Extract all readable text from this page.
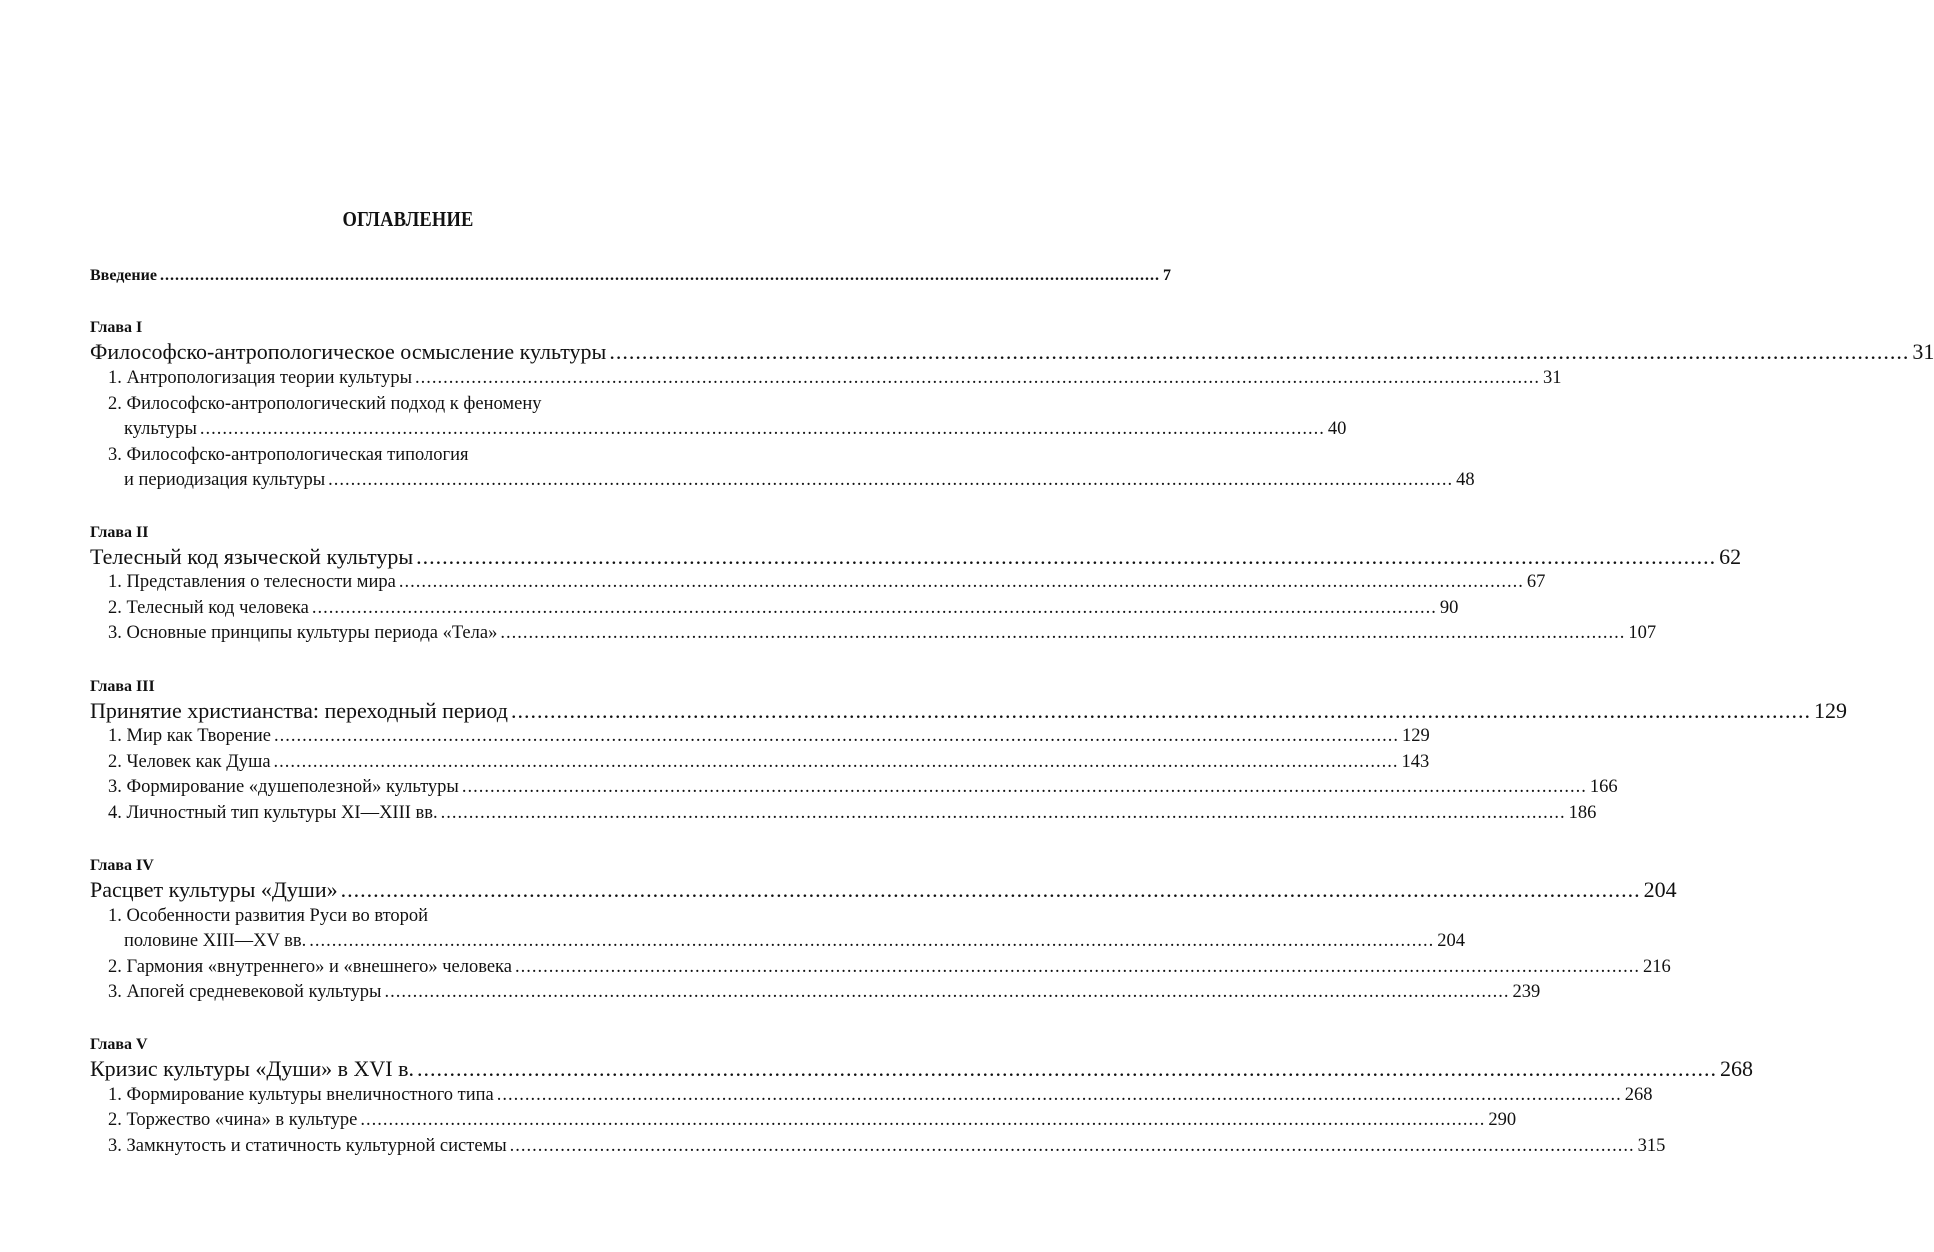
ОГЛАВЛЕНИЕ
Введение ........................................................................................................................................................................................................ 7
Глава I
Философско-антропологическое осмысление культуры ........................................................................................................................................................................................................ 31
1. Антропологизация теории культуры ........................................................................................................................................................................................................ 31
2. Философско-антропологический подход к феномену
культуры ........................................................................................................................................................................................................ 40
3. Философско-антропологическая типология
и периодизация культуры ........................................................................................................................................................................................................ 48
Глава II
Телесный код языческой культуры ........................................................................................................................................................................................................ 62
1. Представления о телесности мира ........................................................................................................................................................................................................ 67
2. Телесный код человека ........................................................................................................................................................................................................ 90
3. Основные принципы культуры периода «Тела» ........................................................................................................................................................................................................ 107
Глава III
Принятие христианства: переходный период ........................................................................................................................................................................................................ 129
1. Мир как Творение ........................................................................................................................................................................................................ 129
2. Человек как Душа ........................................................................................................................................................................................................ 143
3. Формирование «душеполезной» культуры ........................................................................................................................................................................................................ 166
4. Личностный тип культуры XI—XIII вв. ........................................................................................................................................................................................................ 186
Глава IV
Расцвет культуры «Души» ........................................................................................................................................................................................................ 204
1. Особенности развития Руси во второй
половине XIII—XV вв. ........................................................................................................................................................................................................ 204
2. Гармония «внутреннего» и «внешнего» человека ........................................................................................................................................................................................................ 216
3. Апогей средневековой культуры ........................................................................................................................................................................................................ 239
Глава V
Кризис культуры «Души» в XVI в. ........................................................................................................................................................................................................ 268
1. Формирование культуры внеличностного типа ........................................................................................................................................................................................................ 268
2. Торжество «чина» в культуре ........................................................................................................................................................................................................ 290
3. Замкнутость и статичность культурной системы ........................................................................................................................................................................................................ 315
